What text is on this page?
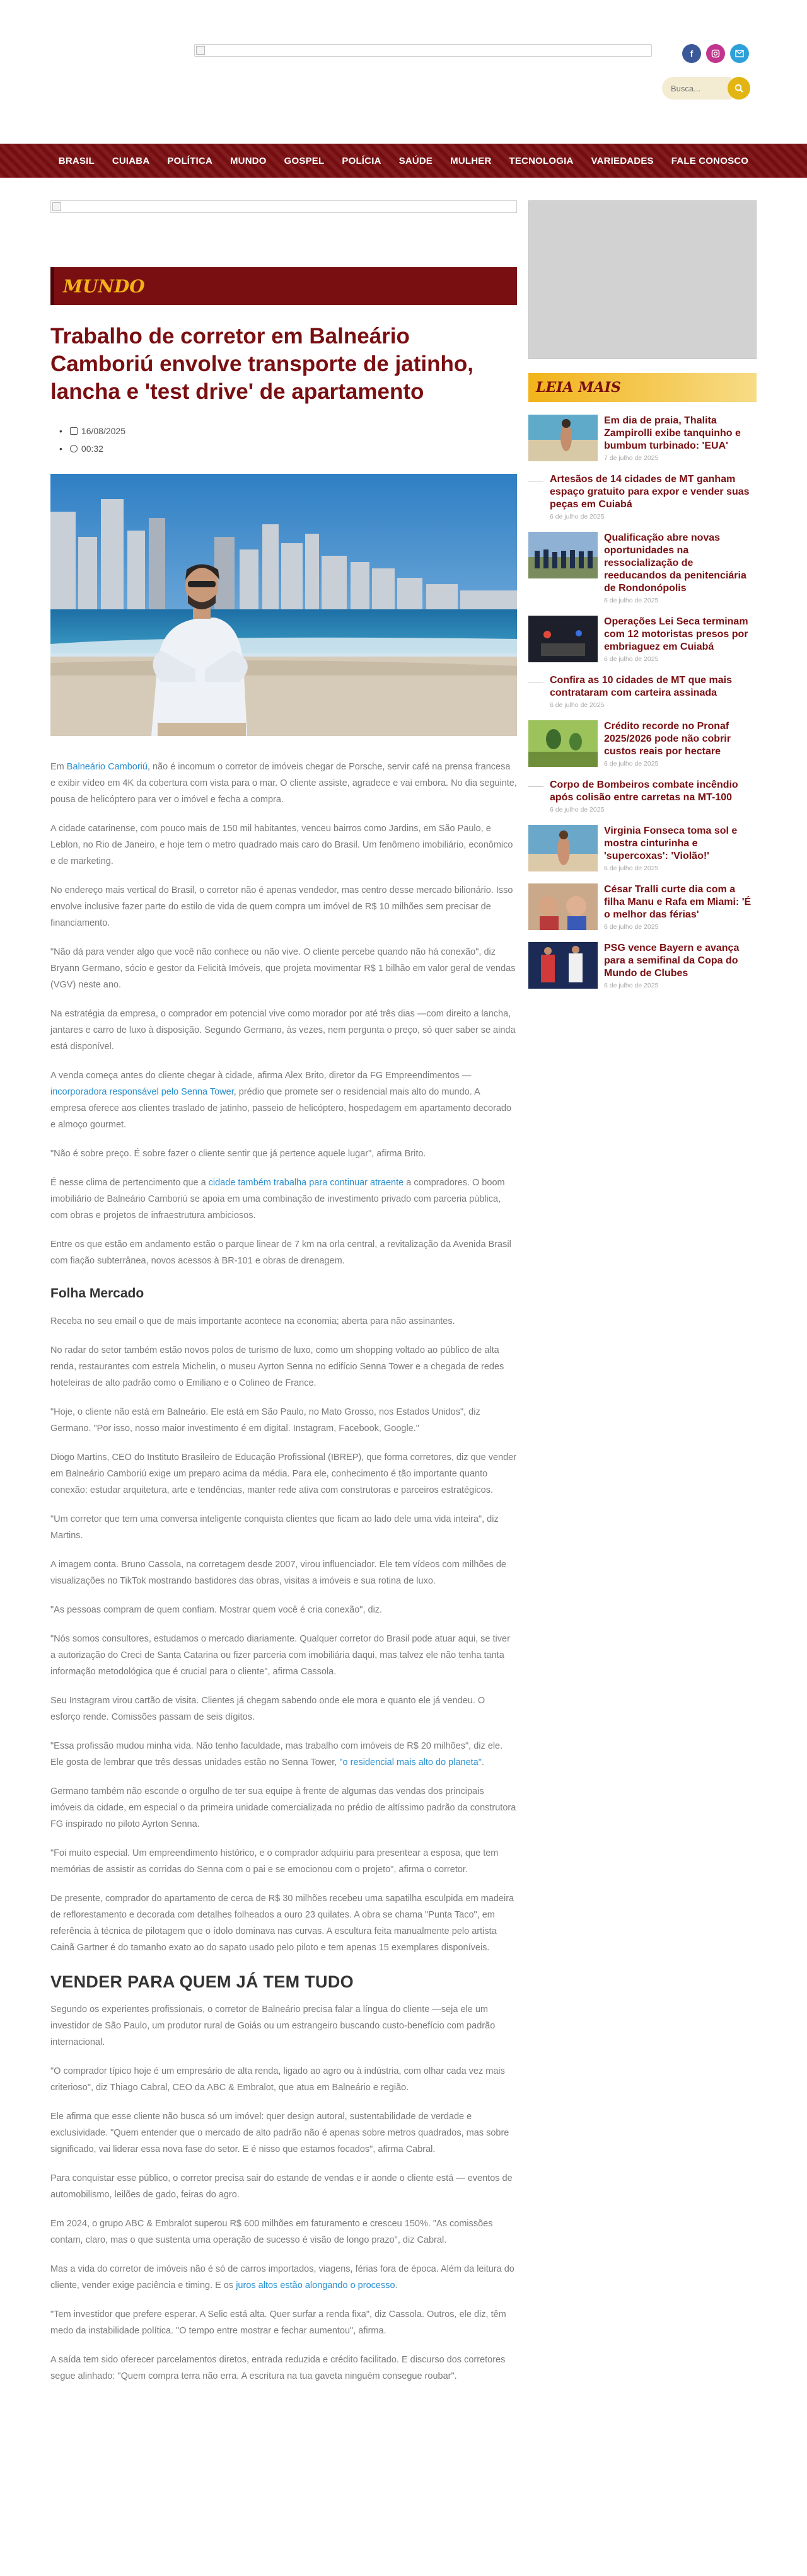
f
Busca...
BRASIL	CUIABA	POLÍTICA	MUNDO	GOSPEL	POLÍCIA	SAÚDE	MULHER	TECNOLOGIA	VARIEDADES	FALE CONOSCO
MUNDO
Trabalho de corretor em Balneário Camboriú envolve transporte de jatinho, lancha e 'test drive' de apartamento
• 16/08/2025
• 00:32

Em Balneário Camboriú, não é incomum o corretor de imóveis chegar de Porsche, servir café na prensa francesa e exibir vídeo em 4K da cobertura com vista para o mar. O cliente assiste, agradece e vai embora. No dia seguinte, pousa de helicóptero para ver o imóvel e fecha a compra.

A cidade catarinense, com pouco mais de 150 mil habitantes, venceu bairros como Jardins, em São Paulo, e Leblon, no Rio de Janeiro, e hoje tem o metro quadrado mais caro do Brasil. Um fenômeno imobiliário, econômico e de marketing.

No endereço mais vertical do Brasil, o corretor não é apenas vendedor, mas centro desse mercado bilionário. Isso envolve inclusive fazer parte do estilo de vida de quem compra um imóvel de R$ 10 milhões sem precisar de financiamento.

"Não dá para vender algo que você não conhece ou não vive. O cliente percebe quando não há conexão", diz Bryann Germano, sócio e gestor da Felicità Imóveis, que projeta movimentar R$ 1 bilhão em valor geral de vendas (VGV) neste ano.

Na estratégia da empresa, o comprador em potencial vive como morador por até três dias —com direito a lancha, jantares e carro de luxo à disposição. Segundo Germano, às vezes, nem pergunta o preço, só quer saber se ainda está disponível.

A venda começa antes do cliente chegar à cidade, afirma Alex Brito, diretor da FG Empreendimentos — incorporadora responsável pelo Senna Tower, prédio que promete ser o residencial mais alto do mundo. A empresa oferece aos clientes traslado de jatinho, passeio de helicóptero, hospedagem em apartamento decorado e almoço gourmet.

"Não é sobre preço. É sobre fazer o cliente sentir que já pertence aquele lugar", afirma Brito.

É nesse clima de pertencimento que a cidade também trabalha para continuar atraente a compradores. O boom imobiliário de Balneário Camboriú se apoia em uma combinação de investimento privado com parceria pública, com obras e projetos de infraestrutura ambiciosos.

Entre os que estão em andamento estão o parque linear de 7 km na orla central, a revitalização da Avenida Brasil com fiação subterrânea, novos acessos à BR-101 e obras de drenagem.

Folha Mercado

Receba no seu email o que de mais importante acontece na economia; aberta para não assinantes.

No radar do setor também estão novos polos de turismo de luxo, como um shopping voltado ao público de alta renda, restaurantes com estrela Michelin, o museu Ayrton Senna no edifício Senna Tower e a chegada de redes hoteleiras de alto padrão como o Emiliano e o Colineo de France.

"Hoje, o cliente não está em Balneário. Ele está em São Paulo, no Mato Grosso, nos Estados Unidos", diz Germano. "Por isso, nosso maior investimento é em digital. Instagram, Facebook, Google."

Diogo Martins, CEO do Instituto Brasileiro de Educação Profissional (IBREP), que forma corretores, diz que vender em Balneário Camboriú exige um preparo acima da média. Para ele, conhecimento é tão importante quanto conexão: estudar arquitetura, arte e tendências, manter rede ativa com construtoras e parceiros estratégicos.

"Um corretor que tem uma conversa inteligente conquista clientes que ficam ao lado dele uma vida inteira", diz Martins.

A imagem conta. Bruno Cassola, na corretagem desde 2007, virou influenciador. Ele tem vídeos com milhões de visualizações no TikTok mostrando bastidores das obras, visitas a imóveis e sua rotina de luxo.

"As pessoas compram de quem confiam. Mostrar quem você é cria conexão", diz.

"Nós somos consultores, estudamos o mercado diariamente. Qualquer corretor do Brasil pode atuar aqui, se tiver a autorização do Creci de Santa Catarina ou fizer parceria com imobiliária daqui, mas talvez ele não tenha tanta informação metodológica que é crucial para o cliente", afirma Cassola.

Seu Instagram virou cartão de visita. Clientes já chegam sabendo onde ele mora e quanto ele já vendeu. O esforço rende. Comissões passam de seis dígitos.

"Essa profissão mudou minha vida. Não tenho faculdade, mas trabalho com imóveis de R$ 20 milhões", diz ele. Ele gosta de lembrar que três dessas unidades estão no Senna Tower, "o residencial mais alto do planeta".

Germano também não esconde o orgulho de ter sua equipe à frente de algumas das vendas dos principais imóveis da cidade, em especial o da primeira unidade comercializada no prédio de altíssimo padrão da construtora FG inspirado no piloto Ayrton Senna.

"Foi muito especial. Um empreendimento histórico, e o comprador adquiriu para presentear a esposa, que tem memórias de assistir as corridas do Senna com o pai e se emocionou com o projeto", afirma o corretor.

De presente, comprador do apartamento de cerca de R$ 30 milhões recebeu uma sapatilha esculpida em madeira de reflorestamento e decorada com detalhes folheados a ouro 23 quilates. A obra se chama "Punta Taco", em referência à técnica de pilotagem que o ídolo dominava nas curvas. A escultura feita manualmente pelo artista Cainã Gartner é do tamanho exato ao do sapato usado pelo piloto e tem apenas 15 exemplares disponíveis.

VENDER PARA QUEM JÁ TEM TUDO

Segundo os experientes profissionais, o corretor de Balneário precisa falar a língua do cliente —seja ele um investidor de São Paulo, um produtor rural de Goiás ou um estrangeiro buscando custo-benefício com padrão internacional.

"O comprador típico hoje é um empresário de alta renda, ligado ao agro ou à indústria, com olhar cada vez mais criterioso", diz Thiago Cabral, CEO da ABC & Embralot, que atua em Balneário e região.

Ele afirma que esse cliente não busca só um imóvel: quer design autoral, sustentabilidade de verdade e exclusividade. "Quem entender que o mercado de alto padrão não é apenas sobre metros quadrados, mas sobre significado, vai liderar essa nova fase do setor. E é nisso que estamos focados", afirma Cabral.

Para conquistar esse público, o corretor precisa sair do estande de vendas e ir aonde o cliente está — eventos de automobilismo, leilões de gado, feiras do agro.

Em 2024, o grupo ABC & Embralot superou R$ 600 milhões em faturamento e cresceu 150%. "As comissões contam, claro, mas o que sustenta uma operação de sucesso é visão de longo prazo", diz Cabral.

Mas a vida do corretor de imóveis não é só de carros importados, viagens, férias fora de época. Além da leitura do cliente, vender exige paciência e timing. E os juros altos estão alongando o processo.

"Tem investidor que prefere esperar. A Selic está alta. Quer surfar a renda fixa", diz Cassola. Outros, ele diz, têm medo da instabilidade política. "O tempo entre mostrar e fechar aumentou", afirma.

A saída tem sido oferecer parcelamentos diretos, entrada reduzida e crédito facilitado. E discurso dos corretores segue alinhado: "Quem compra terra não erra. A escritura na tua gaveta ninguém consegue roubar".

LEIA MAIS
Em dia de praia, Thalita Zampirolli exibe tanquinho e bumbum turbinado: 'EUA'
7 de julho de 2025
Artesãos de 14 cidades de MT ganham espaço gratuito para expor e vender suas peças em Cuiabá
6 de julho de 2025
Qualificação abre novas oportunidades na ressocialização de reeducandos da penitenciária de Rondonópolis
6 de julho de 2025
Operações Lei Seca terminam com 12 motoristas presos por embriaguez em Cuiabá
6 de julho de 2025
Confira as 10 cidades de MT que mais contrataram com carteira assinada
6 de julho de 2025
Crédito recorde no Pronaf 2025/2026 pode não cobrir custos reais por hectare
6 de julho de 2025
Corpo de Bombeiros combate incêndio após colisão entre carretas na MT-100
6 de julho de 2025
Virginia Fonseca toma sol e mostra cinturinha e 'supercoxas': 'Violão!'
6 de julho de 2025
César Tralli curte dia com a filha Manu e Rafa em Miami: 'É o melhor das férias'
6 de julho de 2025
PSG vence Bayern e avança para a semifinal da Copa do Mundo de Clubes
6 de julho de 2025
